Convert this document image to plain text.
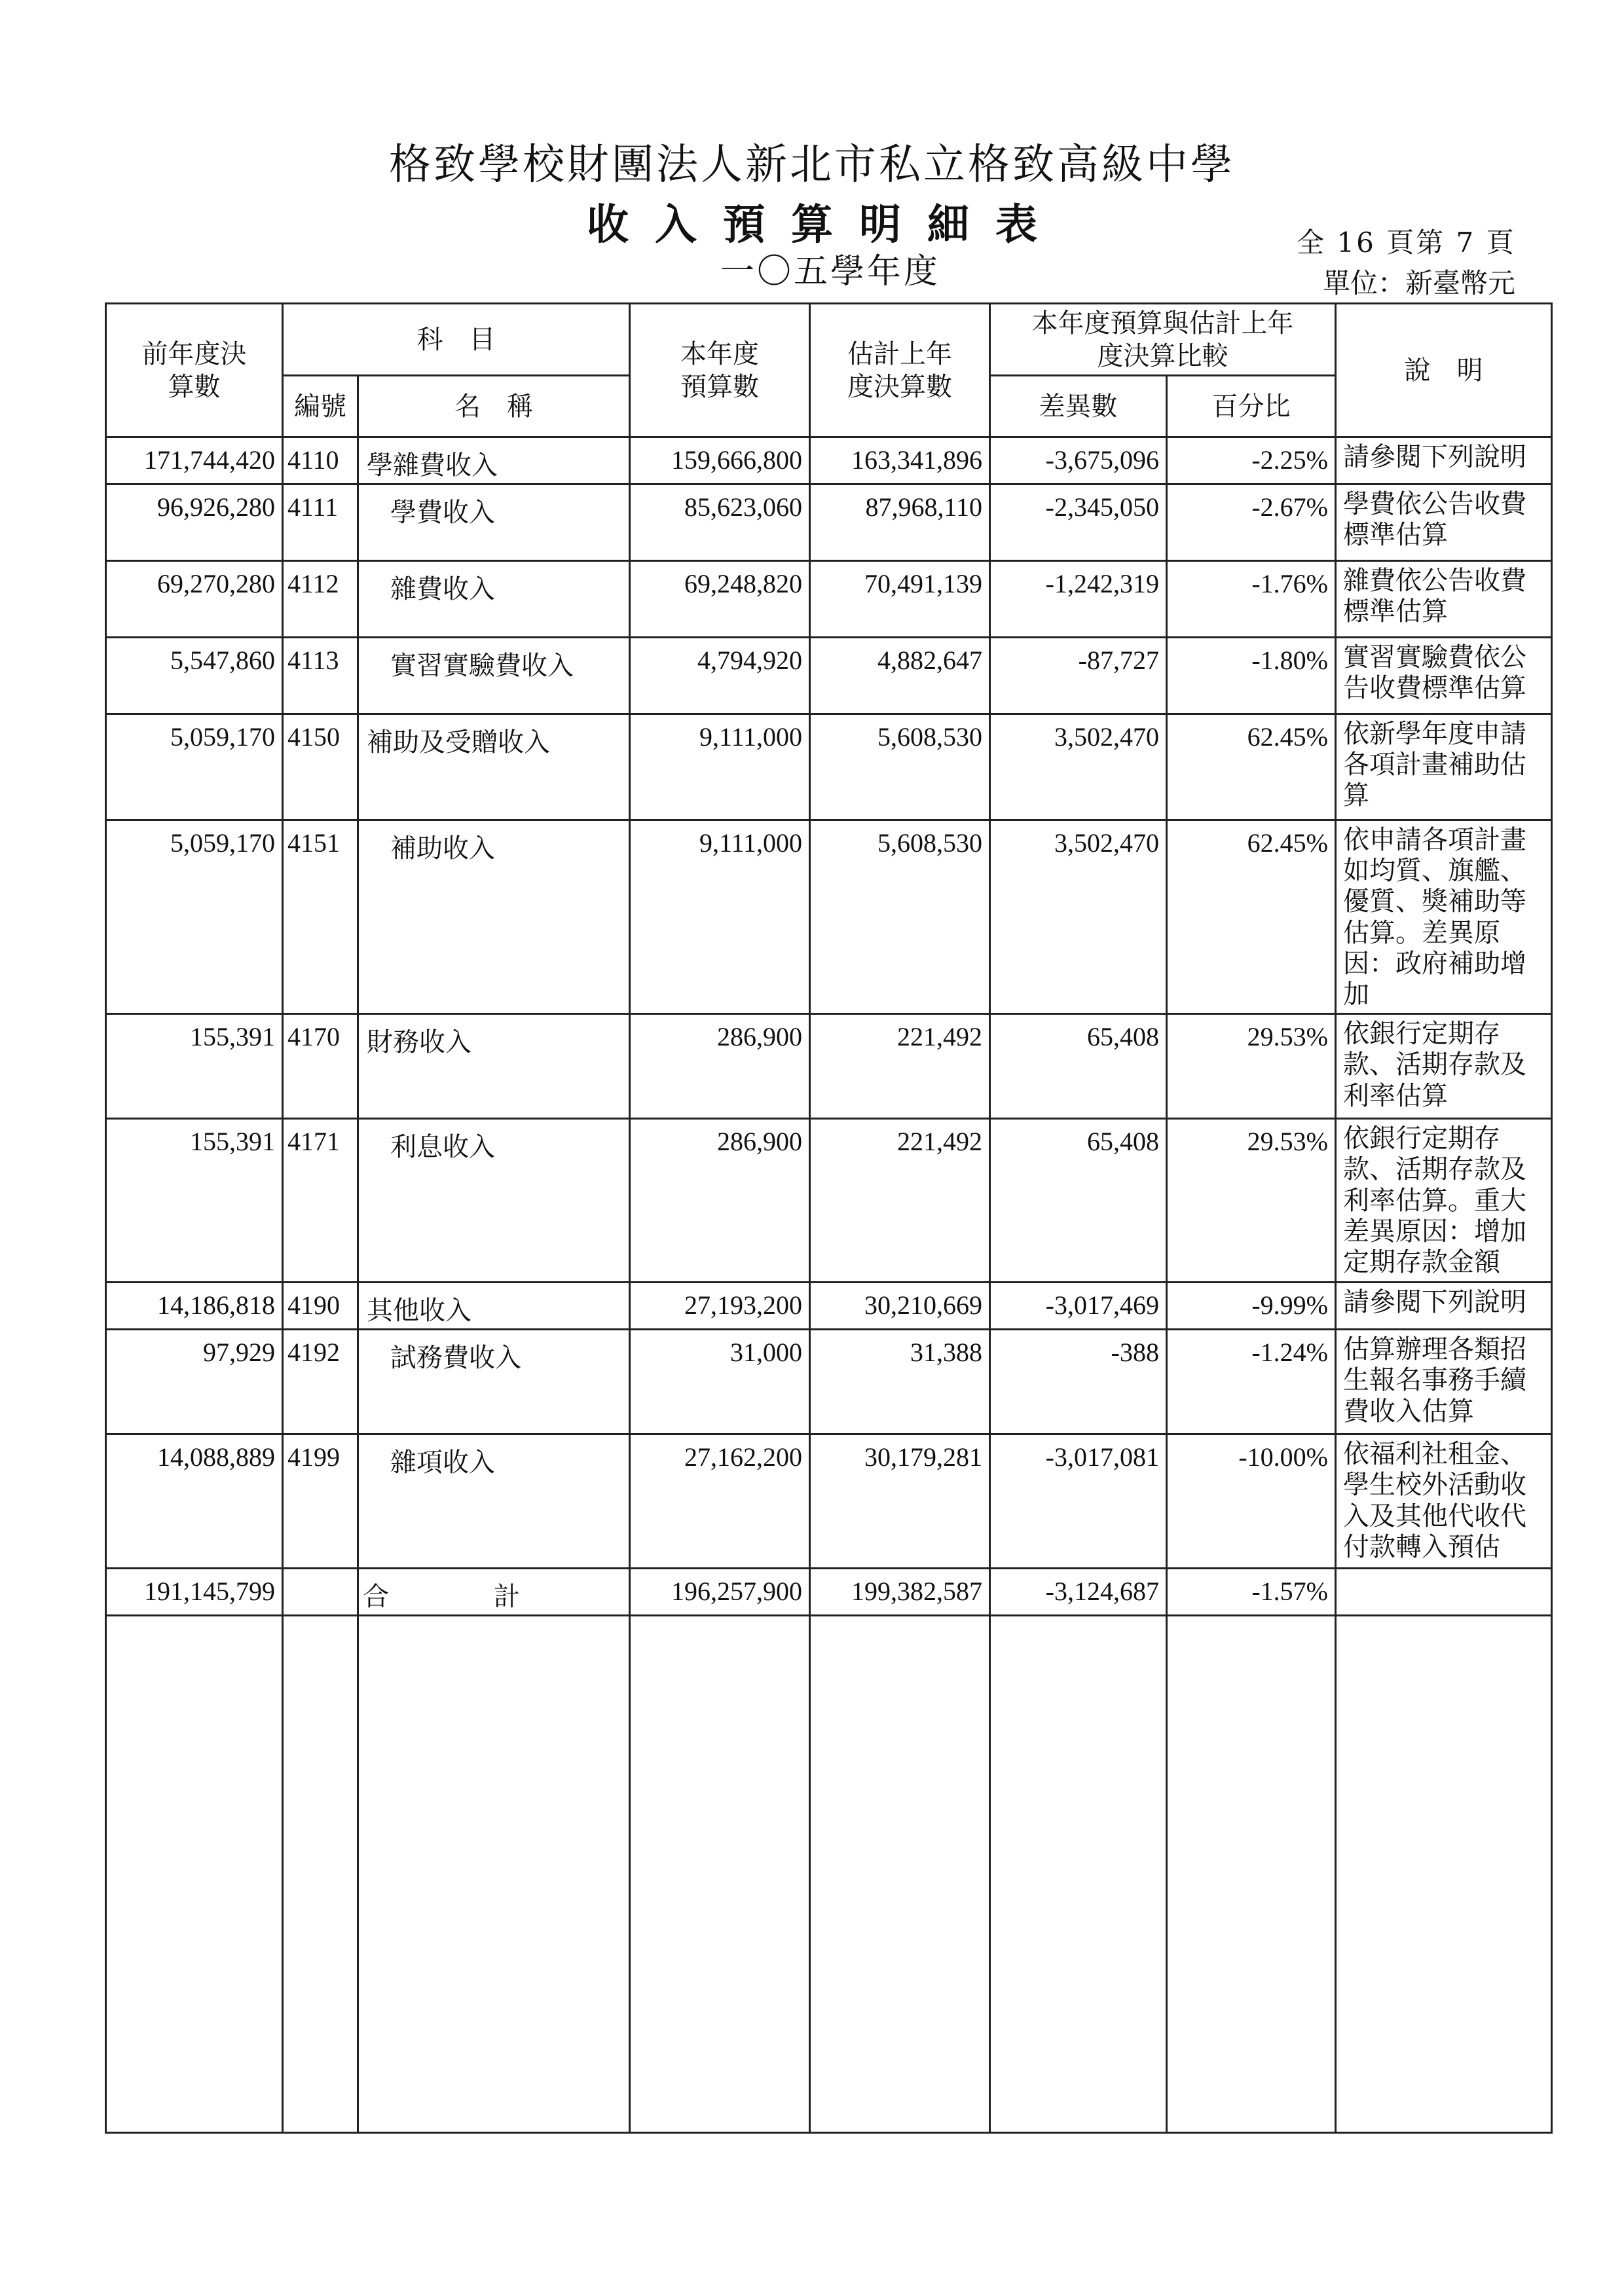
格致學校財團法人新北市私立格致高級中學
收入預算明細表
一〇五學年度
全 16 頁第 7 頁
單位：新臺幣元
前年度決算數	科　目		本年度預算數	估計上年度決算數	本年度預算與估計上年度決算比較		說　明
	編號	名　稱			差異數	百分比	
171,744,420	4110	學雜費收入	159,666,800	163,341,896	-3,675,096	-2.25%	請參閱下列說明
96,926,280	4111	學費收入	85,623,060	87,968,110	-2,345,050	-2.67%	學費依公告收費標準估算
69,270,280	4112	雜費收入	69,248,820	70,491,139	-1,242,319	-1.76%	雜費依公告收費標準估算
5,547,860	4113	實習實驗費收入	4,794,920	4,882,647	-87,727	-1.80%	實習實驗費依公告收費標準估算
5,059,170	4150	補助及受贈收入	9,111,000	5,608,530	3,502,470	62.45%	依新學年度申請各項計畫補助估算
5,059,170	4151	補助收入	9,111,000	5,608,530	3,502,470	62.45%	依申請各項計畫如均質、旗艦、優質、獎補助等估算。差異原因：政府補助增加
155,391	4170	財務收入	286,900	221,492	65,408	29.53%	依銀行定期存款、活期存款及利率估算
155,391	4171	利息收入	286,900	221,492	65,408	29.53%	依銀行定期存款、活期存款及利率估算。重大差異原因：增加定期存款金額
14,186,818	4190	其他收入	27,193,200	30,210,669	-3,017,469	-9.99%	請參閱下列說明
97,929	4192	試務費收入	31,000	31,388	-388	-1.24%	估算辦理各類招生報名事務手續費收入估算
14,088,889	4199	雜項收入	27,162,200	30,179,281	-3,017,081	-10.00%	依福利社租金、學生校外活動收入及其他代收代付款轉入預估
191,145,799		合計	196,257,900	199,382,587	-3,124,687	-1.57%	
